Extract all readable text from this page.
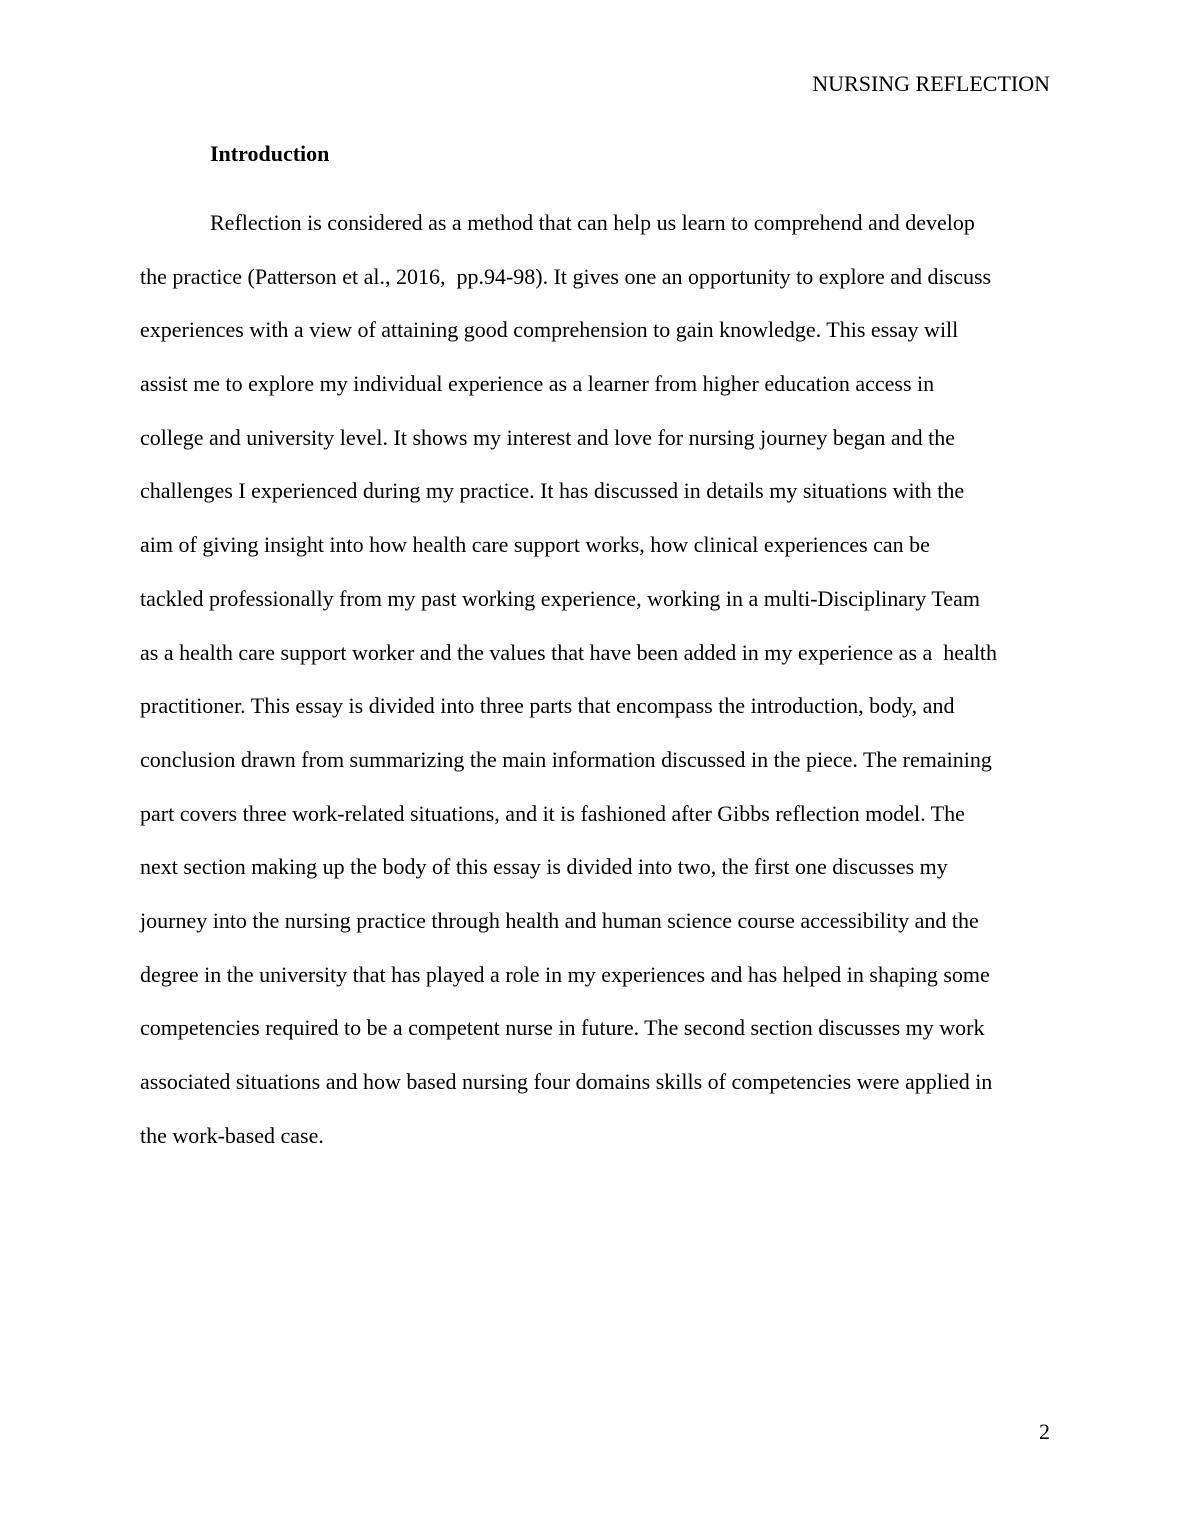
NURSING REFLECTION
Introduction
Reflection is considered as a method that can help us learn to comprehend and develop
the practice (Patterson et al., 2016,  pp.94-98). It gives one an opportunity to explore and discuss
experiences with a view of attaining good comprehension to gain knowledge. This essay will
assist me to explore my individual experience as a learner from higher education access in
college and university level. It shows my interest and love for nursing journey began and the
challenges I experienced during my practice. It has discussed in details my situations with the
aim of giving insight into how health care support works, how clinical experiences can be
tackled professionally from my past working experience, working in a multi-Disciplinary Team
as a health care support worker and the values that have been added in my experience as a  health
practitioner. This essay is divided into three parts that encompass the introduction, body, and
conclusion drawn from summarizing the main information discussed in the piece. The remaining
part covers three work-related situations, and it is fashioned after Gibbs reflection model. The
next section making up the body of this essay is divided into two, the first one discusses my
journey into the nursing practice through health and human science course accessibility and the
degree in the university that has played a role in my experiences and has helped in shaping some
competencies required to be a competent nurse in future. The second section discusses my work
associated situations and how based nursing four domains skills of competencies were applied in
the work-based case.
2
